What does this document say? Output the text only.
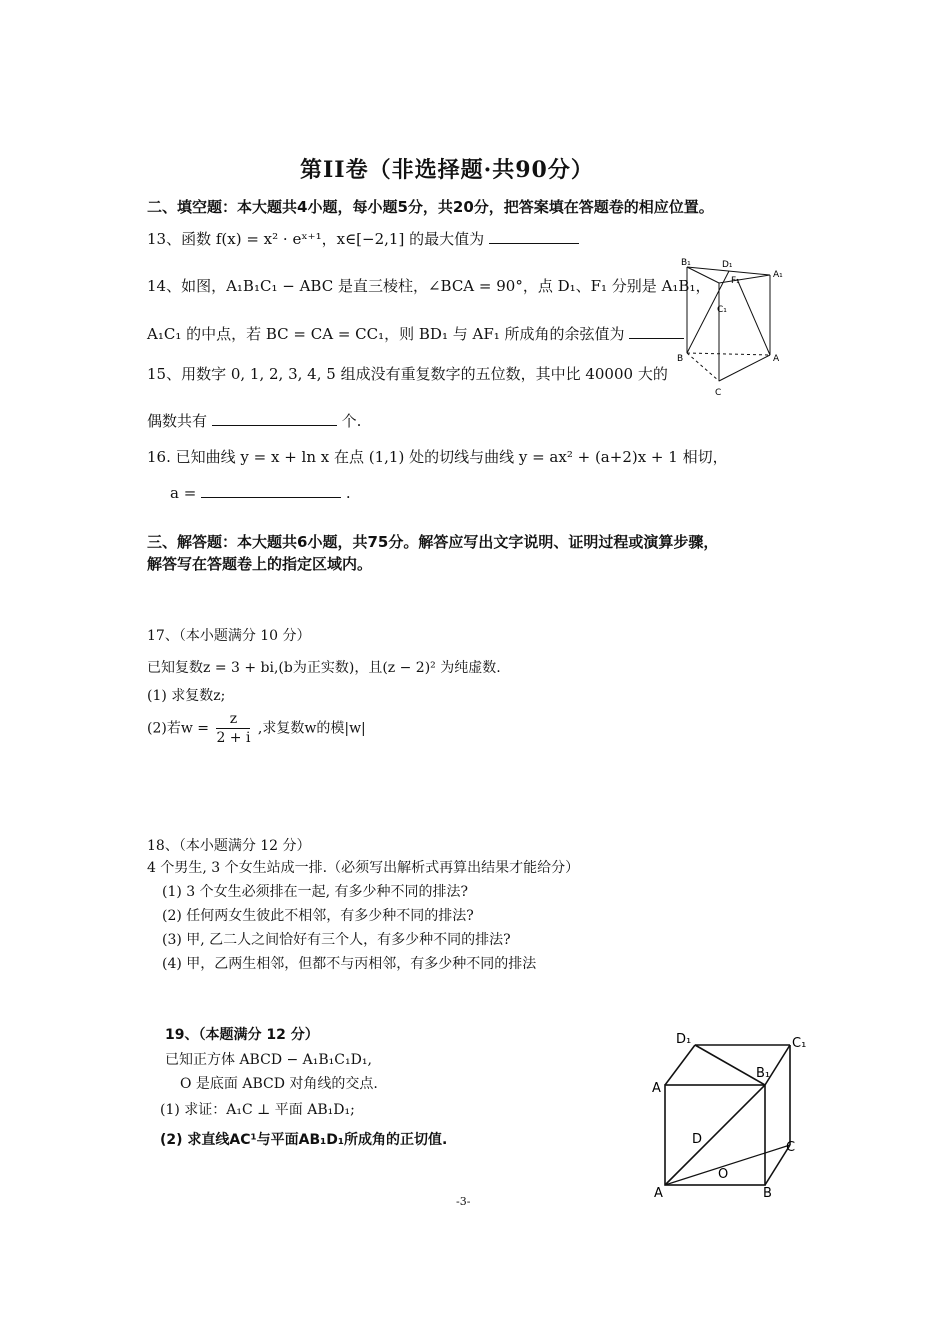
第II卷（非选择题·共90分）
二、填空题：本大题共4小题，每小题5分，共20分，把答案填在答题卷的相应位置。
13、函数 f(x) = x² · eˣ⁺¹，x∈[−2,1] 的最大值为
14、如图，A₁B₁C₁ − ABC 是直三棱柱，∠BCA = 90°，点 D₁、F₁ 分别是 A₁B₁，
A₁C₁ 的中点，若 BC = CA = CC₁，则 BD₁ 与 AF₁ 所成角的余弦值为
15、用数字 0, 1, 2, 3, 4, 5 组成没有重复数字的五位数，其中比 40000 大的
偶数共有	个.
16. 已知曲线 y = x + ln x 在点 (1,1) 处的切线与曲线 y = ax² + (a+2)x + 1 相切，
a =	.
B₁	D₁
F₁
A₁
C₁
B	A
C
三、解答题：本大题共6小题，共75分。解答应写出文字说明、证明过程或演算步骤，
解答写在答题卷上的指定区域内。
17、（本小题满分 10 分）
已知复数z = 3 + bi,(b为正实数)，且(z − 2)² 为纯虚数.
(1) 求复数z;
(2)若$w = \frac{z}{2 + i}$ ,求复数w的模|w|
18、（本小题满分 12 分）
4 个男生, 3 个女生站成一排.（必须写出解析式再算出结果才能给分）
(1) 3 个女生必须排在一起, 有多少种不同的排法?
(2) 任何两女生彼此不相邻，有多少种不同的排法?
(3) 甲, 乙二人之间恰好有三个人，有多少种不同的排法?
(4) 甲，乙两生相邻，但都不与丙相邻，有多少种不同的排法
19、（本题满分 12 分）
已知正方体 ABCD − A₁B₁C₁D₁,
O 是底面 ABCD 对角线的交点.
(1) 求证：A₁C ⊥ 平面 AB₁D₁;
(2) 求直线AC¹与平面AB₁D₁所成角的正切值.
D₁	C₁
A
B₁
D
C
O
A	B
-3-
